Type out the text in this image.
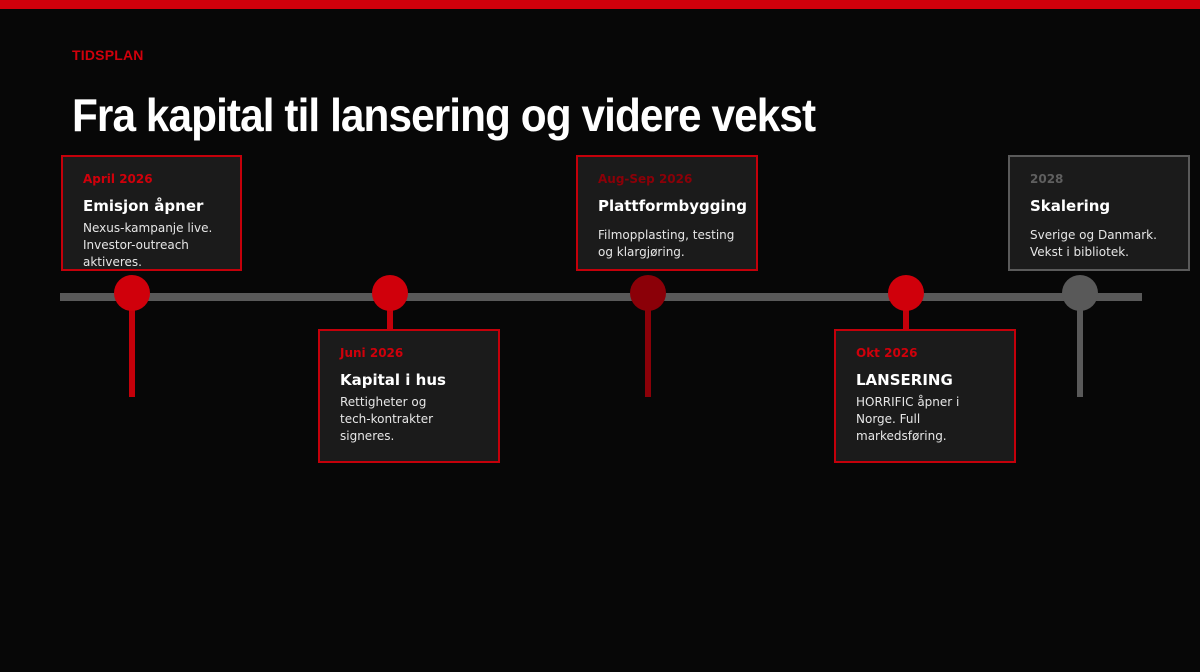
TIDSPLAN
Fra kapital til lansering og videre vekst
April 2026
Emisjon åpner
Nexus-kampanje live. Investor-outreach aktiveres.
Juni 2026
Kapital i hus
Rettigheter og tech-kontrakter signeres.
Aug-Sep 2026
Plattformbygging
Filmopplasting, testing og klargjøring.
Okt 2026
LANSERING
HORRIFIC åpner i Norge. Full markedsføring.
2028
Skalering
Sverige og Danmark. Vekst i bibliotek.
